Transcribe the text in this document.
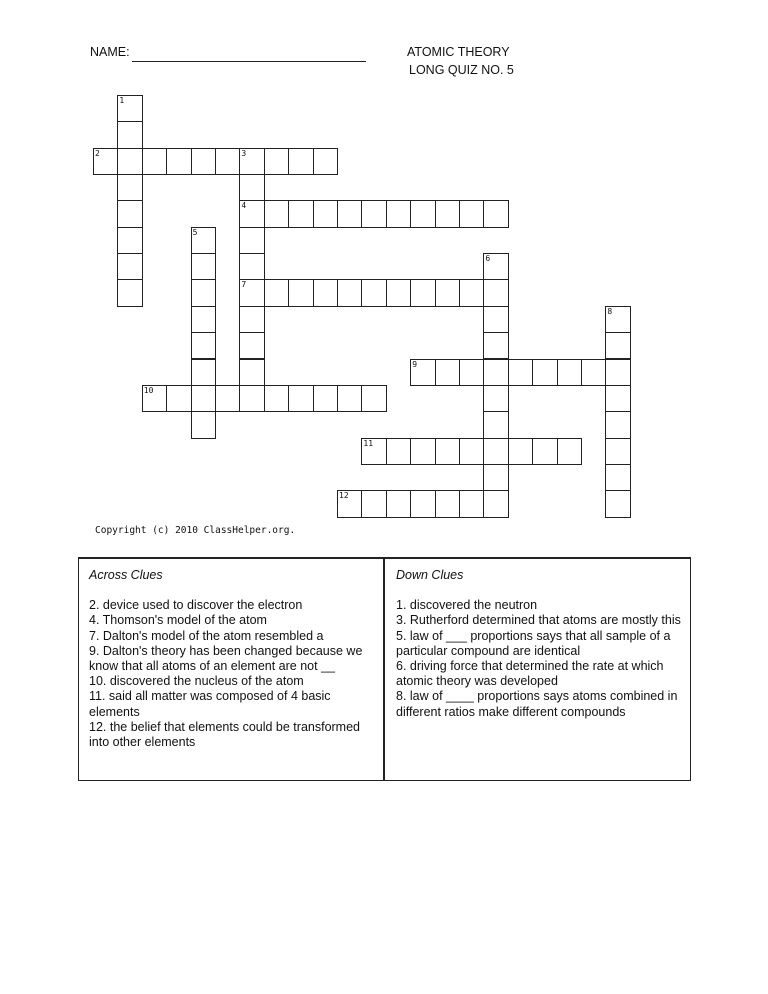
NAME:	ATOMIC THEORY
LONG QUIZ NO. 5
1
2	3
4
7
5
6
8
9
10
11
12
Copyright (c) 2010 ClassHelper.org.
Across Clues

2. device used to discover the electron

4. Thomson's model of the atom

7. Dalton's model of the atom resembled a

9. Dalton's theory has been changed because we know that all atoms of an element are not __

10. discovered the nucleus of the atom

11. said all matter was composed of 4 basic elements

12. the belief that elements could be transformed into other elements

Down Clues

1. discovered the neutron

3. Rutherford determined that atoms are mostly this

5. law of ___ proportions says that all sample of a particular compound are identical

6. driving force that determined the rate at which atomic theory was developed

8. law of ____ proportions says atoms combined in different ratios make different compounds
